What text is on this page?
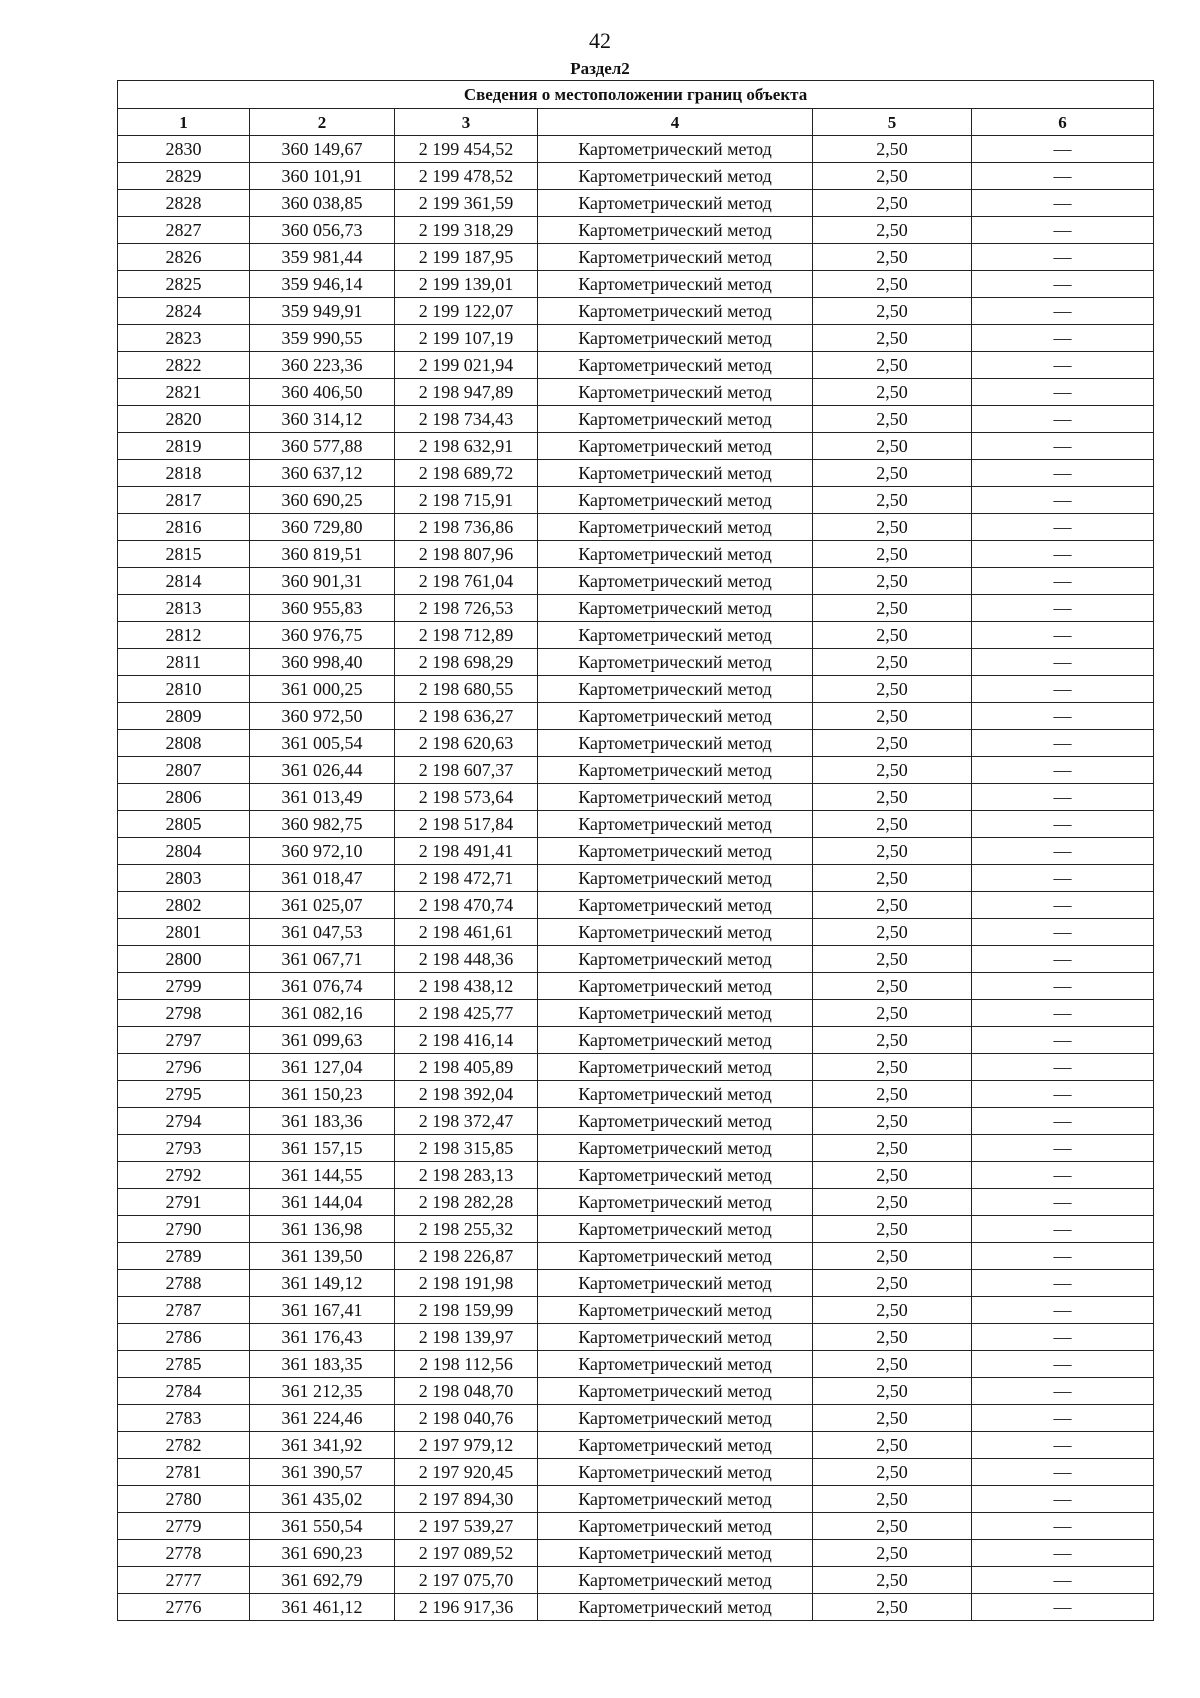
42
Раздел2
Сведения о местоположении границ объекта					
1	2	3	4	5	6
2830	360 149,67	2 199 454,52	Картометрический метод	2,50	—
2829	360 101,91	2 199 478,52	Картометрический метод	2,50	—
2828	360 038,85	2 199 361,59	Картометрический метод	2,50	—
2827	360 056,73	2 199 318,29	Картометрический метод	2,50	—
2826	359 981,44	2 199 187,95	Картометрический метод	2,50	—
2825	359 946,14	2 199 139,01	Картометрический метод	2,50	—
2824	359 949,91	2 199 122,07	Картометрический метод	2,50	—
2823	359 990,55	2 199 107,19	Картометрический метод	2,50	—
2822	360 223,36	2 199 021,94	Картометрический метод	2,50	—
2821	360 406,50	2 198 947,89	Картометрический метод	2,50	—
2820	360 314,12	2 198 734,43	Картометрический метод	2,50	—
2819	360 577,88	2 198 632,91	Картометрический метод	2,50	—
2818	360 637,12	2 198 689,72	Картометрический метод	2,50	—
2817	360 690,25	2 198 715,91	Картометрический метод	2,50	—
2816	360 729,80	2 198 736,86	Картометрический метод	2,50	—
2815	360 819,51	2 198 807,96	Картометрический метод	2,50	—
2814	360 901,31	2 198 761,04	Картометрический метод	2,50	—
2813	360 955,83	2 198 726,53	Картометрический метод	2,50	—
2812	360 976,75	2 198 712,89	Картометрический метод	2,50	—
2811	360 998,40	2 198 698,29	Картометрический метод	2,50	—
2810	361 000,25	2 198 680,55	Картометрический метод	2,50	—
2809	360 972,50	2 198 636,27	Картометрический метод	2,50	—
2808	361 005,54	2 198 620,63	Картометрический метод	2,50	—
2807	361 026,44	2 198 607,37	Картометрический метод	2,50	—
2806	361 013,49	2 198 573,64	Картометрический метод	2,50	—
2805	360 982,75	2 198 517,84	Картометрический метод	2,50	—
2804	360 972,10	2 198 491,41	Картометрический метод	2,50	—
2803	361 018,47	2 198 472,71	Картометрический метод	2,50	—
2802	361 025,07	2 198 470,74	Картометрический метод	2,50	—
2801	361 047,53	2 198 461,61	Картометрический метод	2,50	—
2800	361 067,71	2 198 448,36	Картометрический метод	2,50	—
2799	361 076,74	2 198 438,12	Картометрический метод	2,50	—
2798	361 082,16	2 198 425,77	Картометрический метод	2,50	—
2797	361 099,63	2 198 416,14	Картометрический метод	2,50	—
2796	361 127,04	2 198 405,89	Картометрический метод	2,50	—
2795	361 150,23	2 198 392,04	Картометрический метод	2,50	—
2794	361 183,36	2 198 372,47	Картометрический метод	2,50	—
2793	361 157,15	2 198 315,85	Картометрический метод	2,50	—
2792	361 144,55	2 198 283,13	Картометрический метод	2,50	—
2791	361 144,04	2 198 282,28	Картометрический метод	2,50	—
2790	361 136,98	2 198 255,32	Картометрический метод	2,50	—
2789	361 139,50	2 198 226,87	Картометрический метод	2,50	—
2788	361 149,12	2 198 191,98	Картометрический метод	2,50	—
2787	361 167,41	2 198 159,99	Картометрический метод	2,50	—
2786	361 176,43	2 198 139,97	Картометрический метод	2,50	—
2785	361 183,35	2 198 112,56	Картометрический метод	2,50	—
2784	361 212,35	2 198 048,70	Картометрический метод	2,50	—
2783	361 224,46	2 198 040,76	Картометрический метод	2,50	—
2782	361 341,92	2 197 979,12	Картометрический метод	2,50	—
2781	361 390,57	2 197 920,45	Картометрический метод	2,50	—
2780	361 435,02	2 197 894,30	Картометрический метод	2,50	—
2779	361 550,54	2 197 539,27	Картометрический метод	2,50	—
2778	361 690,23	2 197 089,52	Картометрический метод	2,50	—
2777	361 692,79	2 197 075,70	Картометрический метод	2,50	—
2776	361 461,12	2 196 917,36	Картометрический метод	2,50	—
